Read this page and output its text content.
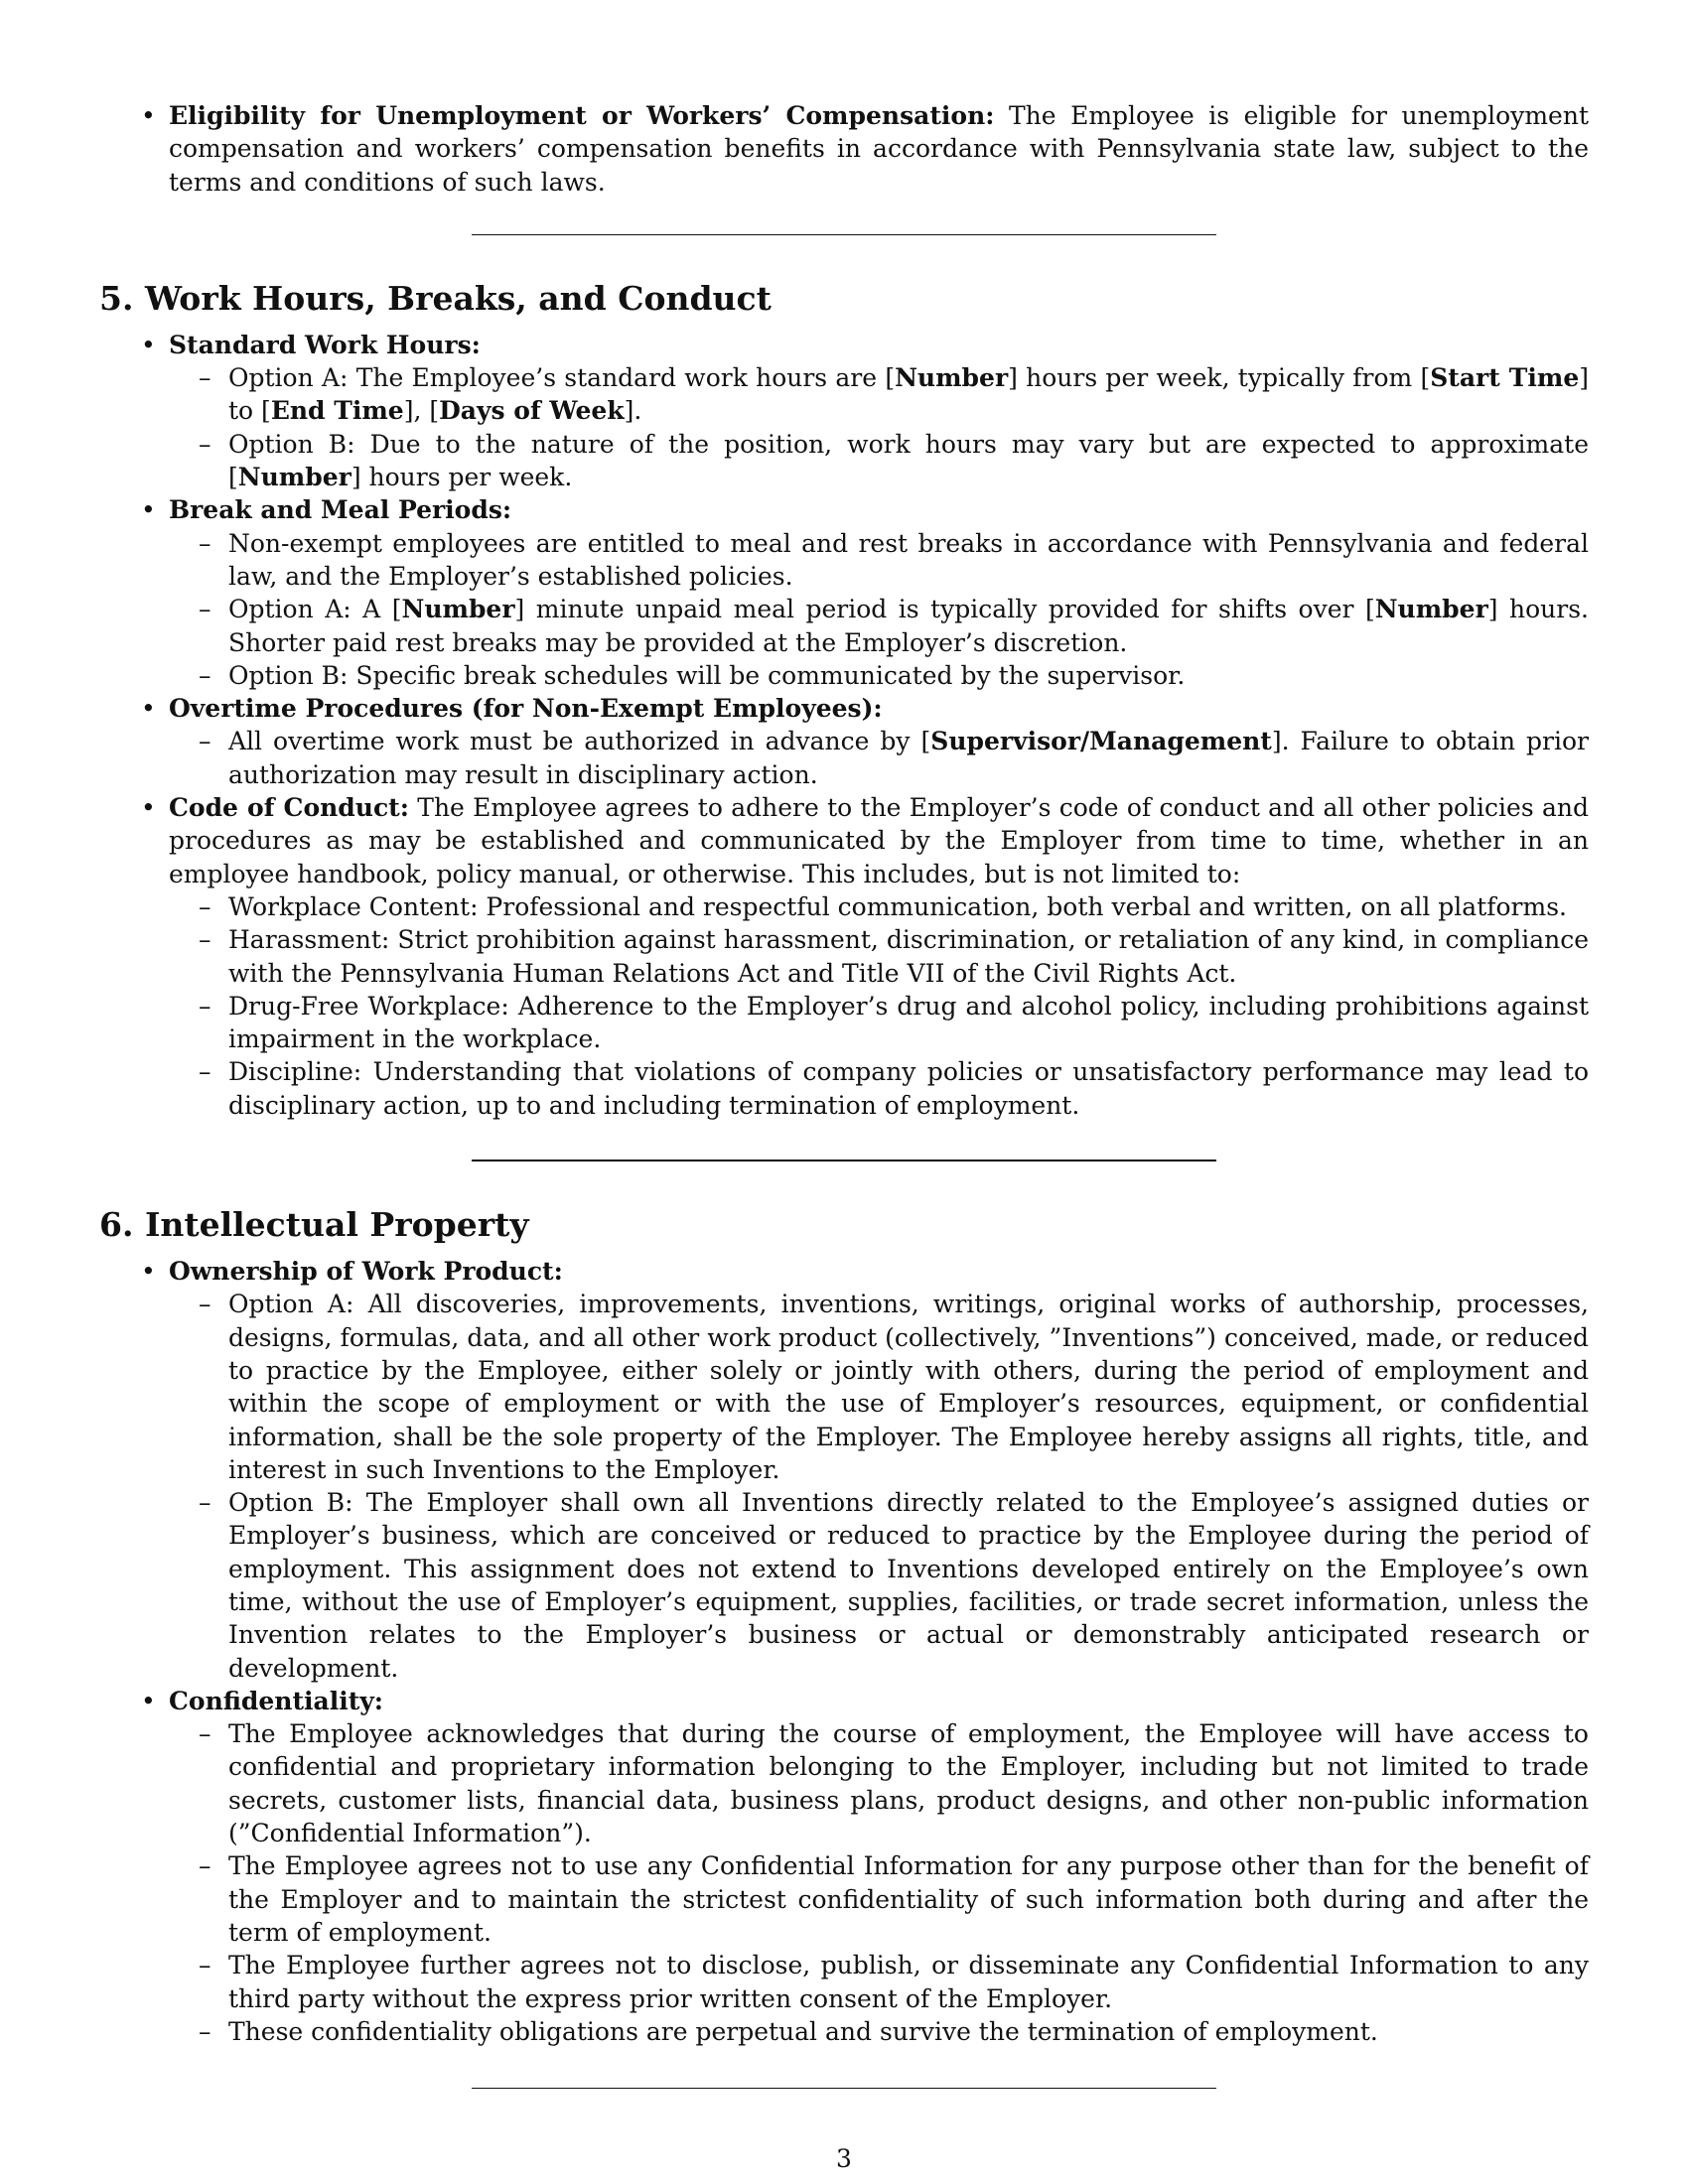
• Eligibility for Unemployment or Workers’ Compensation: The Employee is eligible for unemployment compensation and workers’ compensation benefits in accordance with Pennsylvania state law, subject to the terms and conditions of such laws.
5. Work Hours, Breaks, and Conduct
• Standard Work Hours:
– Option A: The Employee’s standard work hours are [Number] hours per week, typically from [Start Time] to [End Time], [Days of Week].
– Option B: Due to the nature of the position, work hours may vary but are expected to approximate [Number] hours per week.
• Break and Meal Periods:
– Non-exempt employees are entitled to meal and rest breaks in accordance with Pennsylvania and federal law, and the Employer’s established policies.
– Option A: A [Number] minute unpaid meal period is typically provided for shifts over [Number] hours. Shorter paid rest breaks may be provided at the Employer’s discretion.
– Option B: Specific break schedules will be communicated by the supervisor.
• Overtime Procedures (for Non-Exempt Employees):
– All overtime work must be authorized in advance by [Supervisor/Management]. Failure to obtain prior authorization may result in disciplinary action.
• Code of Conduct: The Employee agrees to adhere to the Employer’s code of conduct and all other policies and procedures as may be established and communicated by the Employer from time to time, whether in an employee handbook, policy manual, or otherwise. This includes, but is not limited to:
– Workplace Content: Professional and respectful communication, both verbal and written, on all platforms.
– Harassment: Strict prohibition against harassment, discrimination, or retaliation of any kind, in compliance with the Pennsylvania Human Relations Act and Title VII of the Civil Rights Act.
– Drug-Free Workplace: Adherence to the Employer’s drug and alcohol policy, including prohibitions against impairment in the workplace.
– Discipline: Understanding that violations of company policies or unsatisfactory performance may lead to disciplinary action, up to and including termination of employment.
6. Intellectual Property
• Ownership of Work Product:
– Option A: All discoveries, improvements, inventions, writings, original works of authorship, processes, designs, formulas, data, and all other work product (collectively, ”Inventions”) conceived, made, or reduced to practice by the Employee, either solely or jointly with others, during the period of employment and within the scope of employment or with the use of Employer’s resources, equipment, or confidential information, shall be the sole property of the Employer. The Employee hereby assigns all rights, title, and interest in such Inventions to the Employer.
– Option B: The Employer shall own all Inventions directly related to the Employee’s assigned duties or Employer’s business, which are conceived or reduced to practice by the Employee during the period of employment. This assignment does not extend to Inventions developed entirely on the Employee’s own time, without the use of Employer’s equipment, supplies, facilities, or trade secret information, unless the Invention relates to the Employer’s business or actual or demonstrably anticipated research or development.
• Confidentiality:
– The Employee acknowledges that during the course of employment, the Employee will have access to confidential and proprietary information belonging to the Employer, including but not limited to trade secrets, customer lists, financial data, business plans, product designs, and other non-public information (”Confidential Information”).
– The Employee agrees not to use any Confidential Information for any purpose other than for the benefit of the Employer and to maintain the strictest confidentiality of such information both during and after the term of employment.
– The Employee further agrees not to disclose, publish, or disseminate any Confidential Information to any third party without the express prior written consent of the Employer.
– These confidentiality obligations are perpetual and survive the termination of employment.
3
